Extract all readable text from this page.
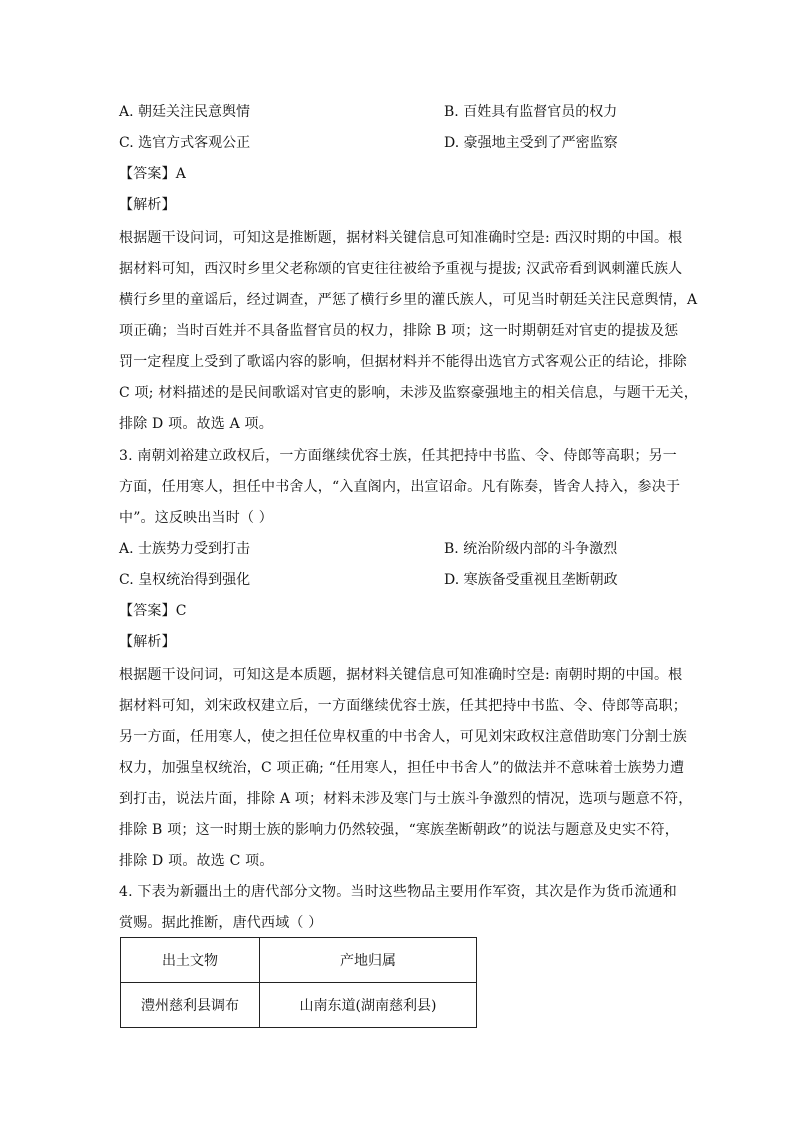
A. 朝廷关注民意舆情	B. 百姓具有监督官员的权力
C. 选官方式客观公正	D. 豪强地主受到了严密监察
【答案】A
【解析】
根据题干设问词，可知这是推断题，据材料关键信息可知准确时空是: 西汉时期的中国。根
据材料可知，西汉时乡里父老称颂的官吏往往被给予重视与提拔; 汉武帝看到讽刺灌氏族人
横行乡里的童谣后，经过调查，严惩了横行乡里的灌氏族人，可见当时朝廷关注民意舆情，A
项正确；当时百姓并不具备监督官员的权力，排除 B 项；这一时期朝廷对官吏的提拔及惩
罚一定程度上受到了歌谣内容的影响，但据材料并不能得出选官方式客观公正的结论，排除
C 项; 材料描述的是民间歌谣对官吏的影响，未涉及监察豪强地主的相关信息，与题干无关，
排除 D 项。故选 A 项。
3. 南朝刘裕建立政权后，一方面继续优容士族，任其把持中书监、令、侍郎等高职；另一
方面，任用寒人，担任中书舍人，“入直阁内，出宣诏命。凡有陈奏，皆舍人持入，参决于
中”。这反映出当时（ ）
A. 士族势力受到打击	B. 统治阶级内部的斗争激烈
C. 皇权统治得到强化	D. 寒族备受重视且垄断朝政
【答案】C
【解析】
根据题干设问词，可知这是本质题，据材料关键信息可知准确时空是: 南朝时期的中国。根
据材料可知，刘宋政权建立后，一方面继续优容士族，任其把持中书监、令、侍郎等高职；
另一方面，任用寒人，使之担任位卑权重的中书舍人，可见刘宋政权注意借助寒门分割士族
权力，加强皇权统治，C 项正确; “任用寒人，担任中书舍人”的做法并不意味着士族势力遭
到打击，说法片面，排除 A 项；材料未涉及寒门与士族斗争激烈的情况，选项与题意不符，
排除 B 项；这一时期士族的影响力仍然较强，“寒族垄断朝政”的说法与题意及史实不符，
排除 D 项。故选 C 项。
4. 下表为新疆出土的唐代部分文物。当时这些物品主要用作军资，其次是作为货币流通和
赏赐。据此推断，唐代西域（ ）
出土文物	产地归属
澧州慈利县调布	山南东道(湖南慈利县)
